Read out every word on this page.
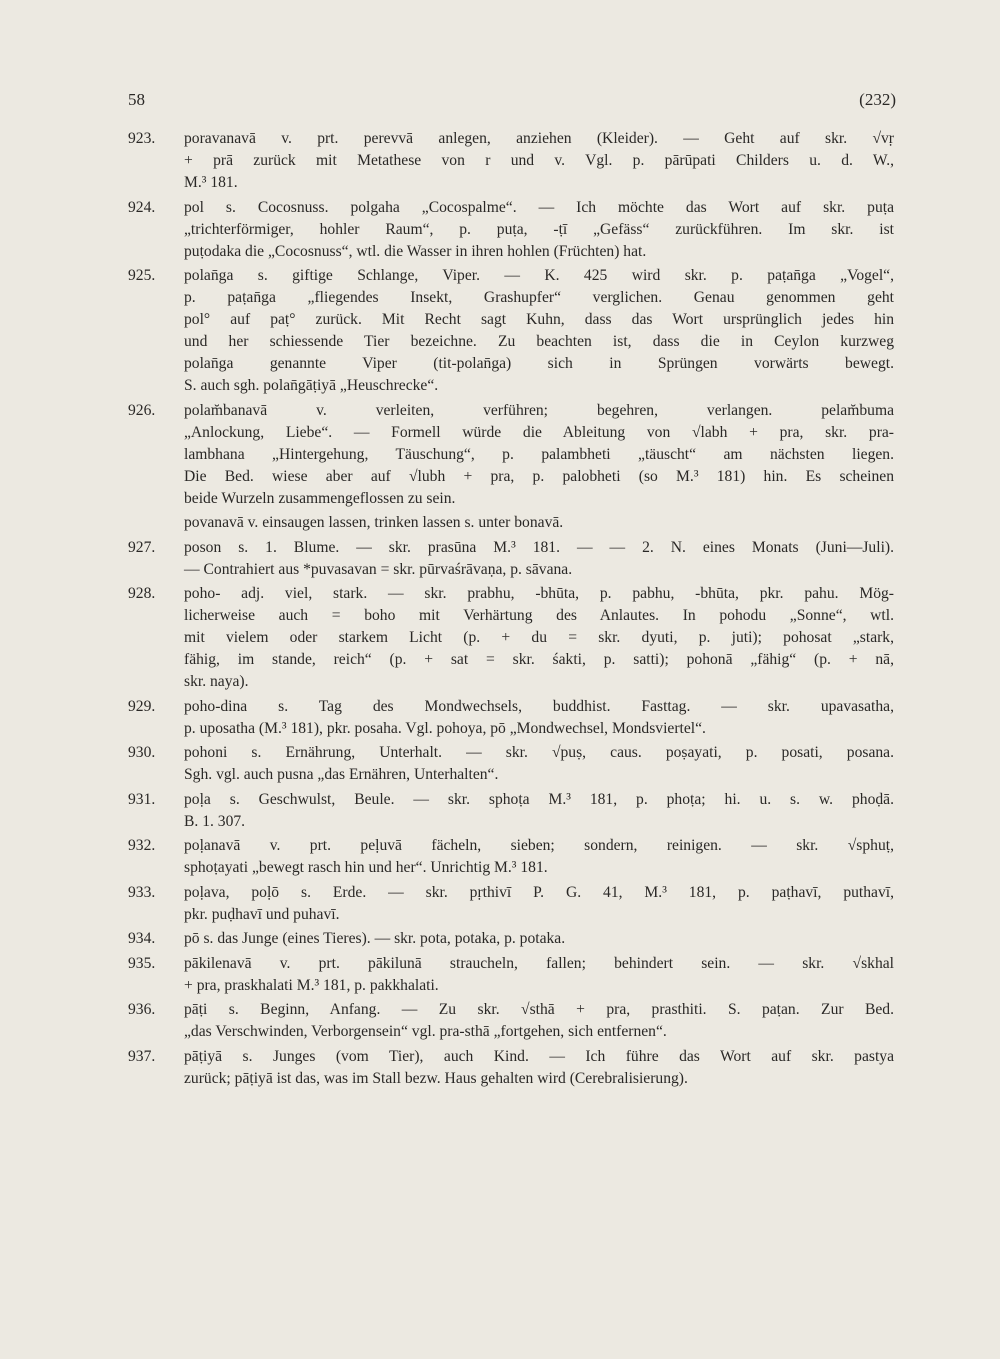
58	(232)
923. poravanavā v. prt. perevvā anlegen, anziehen (Kleider). — Geht auf skr. √vṛ
+ prā zurück mit Metathese von r und v. Vgl. p. pārūpati Childers u. d. W.,
M.³ 181.
924. pol s. Cocosnuss. polgaha „Cocospalme“. — Ich möchte das Wort auf skr. puṭa
„trichterförmiger, hohler Raum“, p. puṭa, -ṭī „Gefäss“ zurückführen. Im skr. ist
puṭodaka die „Cocosnuss“, wtl. die Wasser in ihren hohlen (Früchten) hat.
925. polan̄ga s. giftige Schlange, Viper. — K. 425 wird skr. p. paṭan̄ga „Vogel“,
p. paṭan̄ga „fliegendes Insekt, Grashupfer“ verglichen. Genau genommen geht
pol° auf paṭ° zurück. Mit Recht sagt Kuhn, dass das Wort ursprünglich jedes hin
und her schiessende Tier bezeichne. Zu beachten ist, dass die in Ceylon kurzweg
polan̄ga genannte Viper (tit-polan̄ga) sich in Sprüngen vorwärts bewegt.
S. auch sgh. polan̄gāṭiyā „Heuschrecke“.
926. polam̆banavā v. verleiten, verführen; begehren, verlangen. pelam̆buma
„Anlockung, Liebe“. — Formell würde die Ableitung von √labh + pra, skr. pra-
lambhana „Hintergehung, Täuschung“, p. palambheti „täuscht“ am nächsten liegen.
Die Bed. wiese aber auf √lubh + pra, p. palobheti (so M.³ 181) hin. Es scheinen
beide Wurzeln zusammengeflossen zu sein.
povanavā v. einsaugen lassen, trinken lassen s. unter bonavā.
927. poson s. 1. Blume. — skr. prasūna M.³ 181. — — 2. N. eines Monats (Juni—Juli).
— Contrahiert aus *puvasavan = skr. pūrvaśrāvaṇa, p. sāvana.
928. poho- adj. viel, stark. — skr. prabhu, -bhūta, p. pabhu, -bhūta, pkr. pahu. Mög-
licherweise auch = boho mit Verhärtung des Anlautes. In pohodu „Sonne“, wtl.
mit vielem oder starkem Licht (p. + du = skr. dyuti, p. juti); pohosat „stark,
fähig, im stande, reich“ (p. + sat = skr. śakti, p. satti); pohonā „fähig“ (p. + nā,
skr. naya).
929. poho-dina s. Tag des Mondwechsels, buddhist. Fasttag. — skr. upavasatha,
p. uposatha (M.³ 181), pkr. posaha. Vgl. pohoya, pō „Mondwechsel, Mondsviertel“.
930. pohoni s. Ernährung, Unterhalt. — skr. √puṣ, caus. poṣayati, p. posati, posana.
Sgh. vgl. auch pusna „das Ernähren, Unterhalten“.
931. poḷa s. Geschwulst, Beule. — skr. sphoṭa M.³ 181, p. phoṭa; hi. u. s. w. phoḍā.
B. 1. 307.
932. poḷanavā v. prt. peḷuvā fächeln, sieben; sondern, reinigen. — skr. √sphuṭ,
sphoṭayati „bewegt rasch hin und her“. Unrichtig M.³ 181.
933. poḷava, poḷō s. Erde. — skr. pṛthivī P. G. 41, M.³ 181, p. paṭhavī, puthavī,
pkr. puḍhavī und puhavī.
934. pō s. das Junge (eines Tieres). — skr. pota, potaka, p. potaka.
935. pākilenavā v. prt. pākilunā straucheln, fallen; behindert sein. — skr. √skhal
+ pra, praskhalati M.³ 181, p. pakkhalati.
936. pāṭi s. Beginn, Anfang. — Zu skr. √sthā + pra, prasthiti. S. paṭan. Zur Bed.
„das Verschwinden, Verborgensein“ vgl. pra-sthā „fortgehen, sich entfernen“.
937. pāṭiyā s. Junges (vom Tier), auch Kind. — Ich führe das Wort auf skr. pastya
zurück; pāṭiyā ist das, was im Stall bezw. Haus gehalten wird (Cerebralisierung).
